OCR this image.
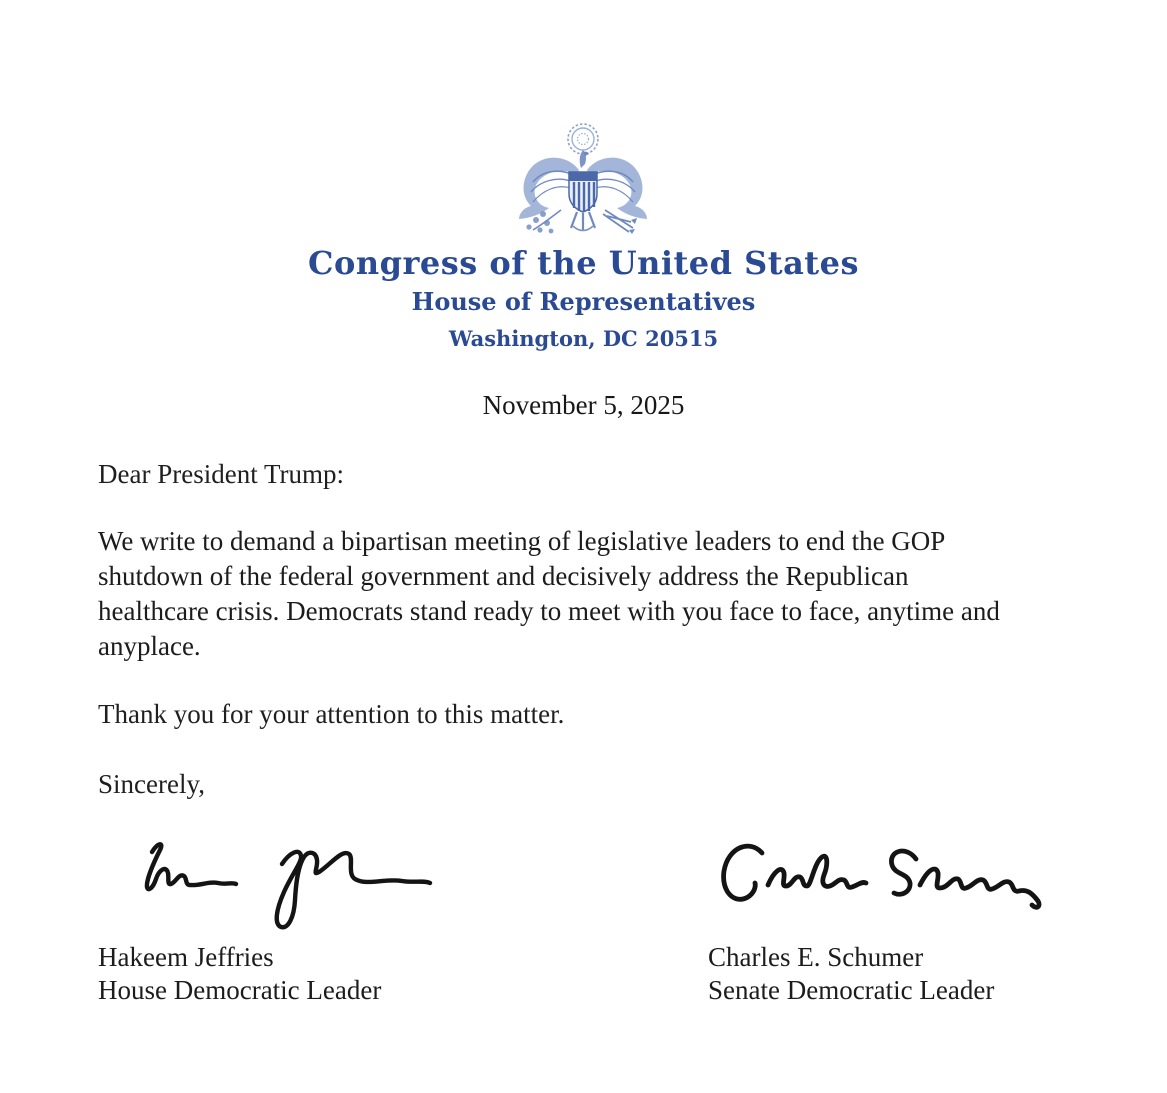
Congress of the United States
House of Representatives
Washington, DC 20515
November 5, 2025
Dear President Trump:
We write to demand a bipartisan meeting of legislative leaders to end the GOP
shutdown of the federal government and decisively address the Republican
healthcare crisis. Democrats stand ready to meet with you face to face, anytime and
anyplace.
Thank you for your attention to this matter.
Sincerely,
Hakeem Jeffries
House Democratic Leader
Charles E. Schumer
Senate Democratic Leader
